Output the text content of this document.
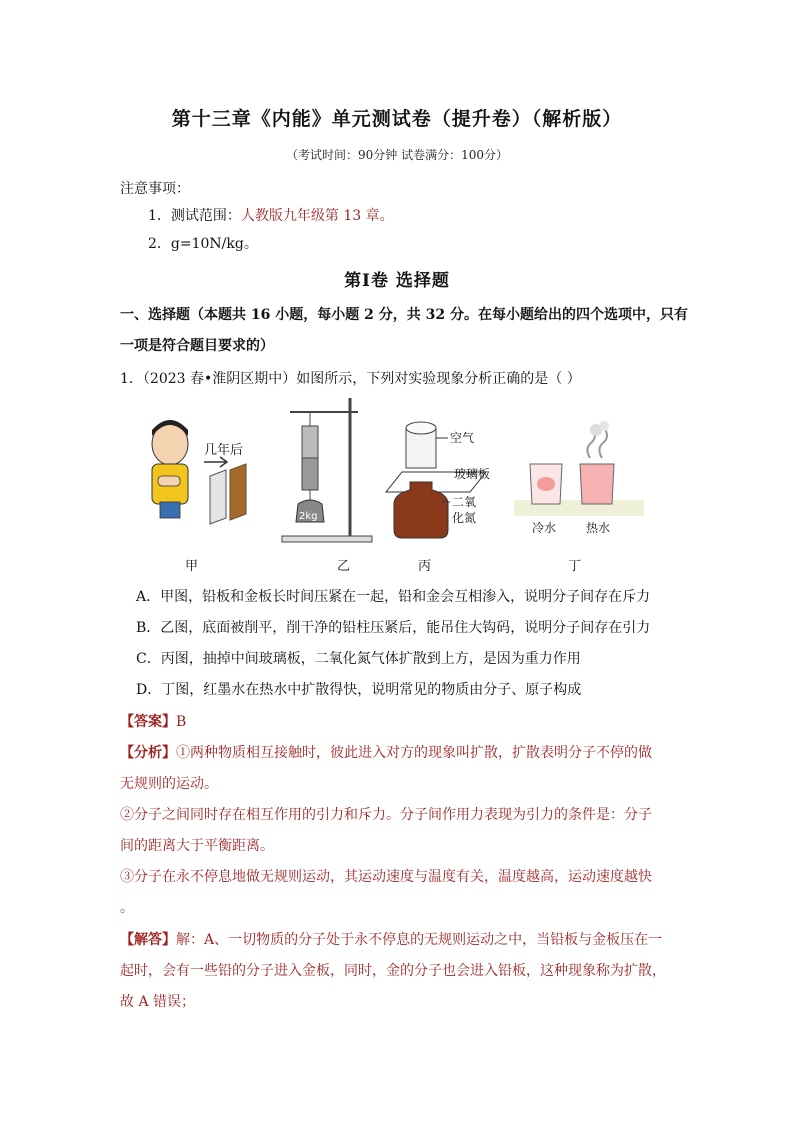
第十三章《内能》单元测试卷（提升卷）（解析版）
（考试时间：90分钟 试卷满分：100分）
注意事项：
1．测试范围：人教版九年级第 13 章。
2．g=10N/kg。
第Ⅰ卷 选择题
一、选择题（本题共 16 小题，每小题 2 分，共 32 分。在每小题给出的四个选项中，只有
一项是符合题目要求的）
1．（2023 春•淮阴区期中）如图所示，下列对实验现象分析正确的是（ ）
几年后
2kg
空气
玻璃板
二氧
化氮
冷水 热水
甲	乙	丙	丁
A．甲图，铅板和金板长时间压紧在一起，铅和金会互相渗入，说明分子间存在斥力
B．乙图，底面被削平，削干净的铅柱压紧后，能吊住大钩码，说明分子间存在引力
C．丙图，抽掉中间玻璃板，二氧化氮气体扩散到上方，是因为重力作用
D．丁图，红墨水在热水中扩散得快，说明常见的物质由分子、原子构成
【答案】B
【分析】①两种物质相互接触时，彼此进入对方的现象叫扩散，扩散表明分子不停的做
无规则的运动。
②分子之间同时存在相互作用的引力和斥力。分子间作用力表现为引力的条件是：分子
间的距离大于平衡距离。
③分子在永不停息地做无规则运动，其运动速度与温度有关，温度越高，运动速度越快
。
【解答】解：A、一切物质的分子处于永不停息的无规则运动之中，当铅板与金板压在一
起时，会有一些铅的分子进入金板，同时，金的分子也会进入铅板，这种现象称为扩散，
故 A 错误；
